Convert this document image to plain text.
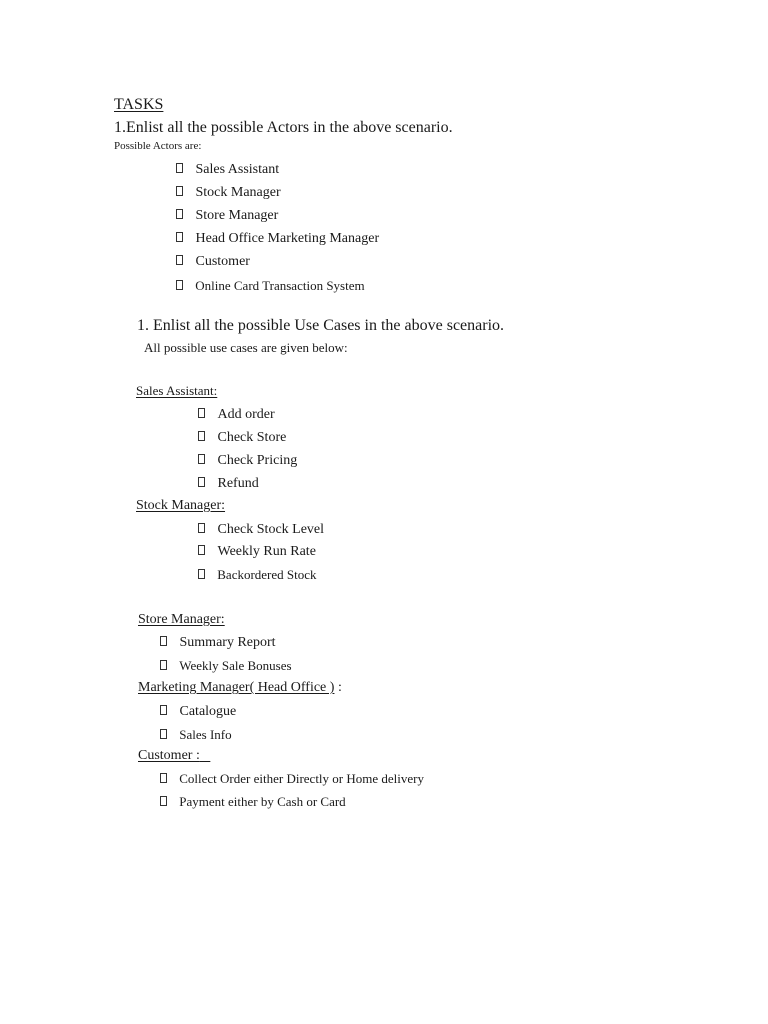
TASKS
1.Enlist all the possible Actors in the above scenario.
Possible Actors are:
Sales Assistant
Stock Manager
Store Manager
Head Office Marketing Manager
Customer
Online Card Transaction System
1. Enlist all the possible Use Cases in the above scenario.
All possible use cases are given below:
Sales Assistant:
Add order
Check Store
Check Pricing
Refund
Stock Manager:
Check Stock Level
Weekly Run Rate
Backordered Stock
Store Manager:
Summary Report
Weekly Sale Bonuses
Marketing Manager( Head Office ) :
Catalogue
Sales Info
Customer :
Collect Order either Directly or Home delivery
Payment either by Cash or Card
